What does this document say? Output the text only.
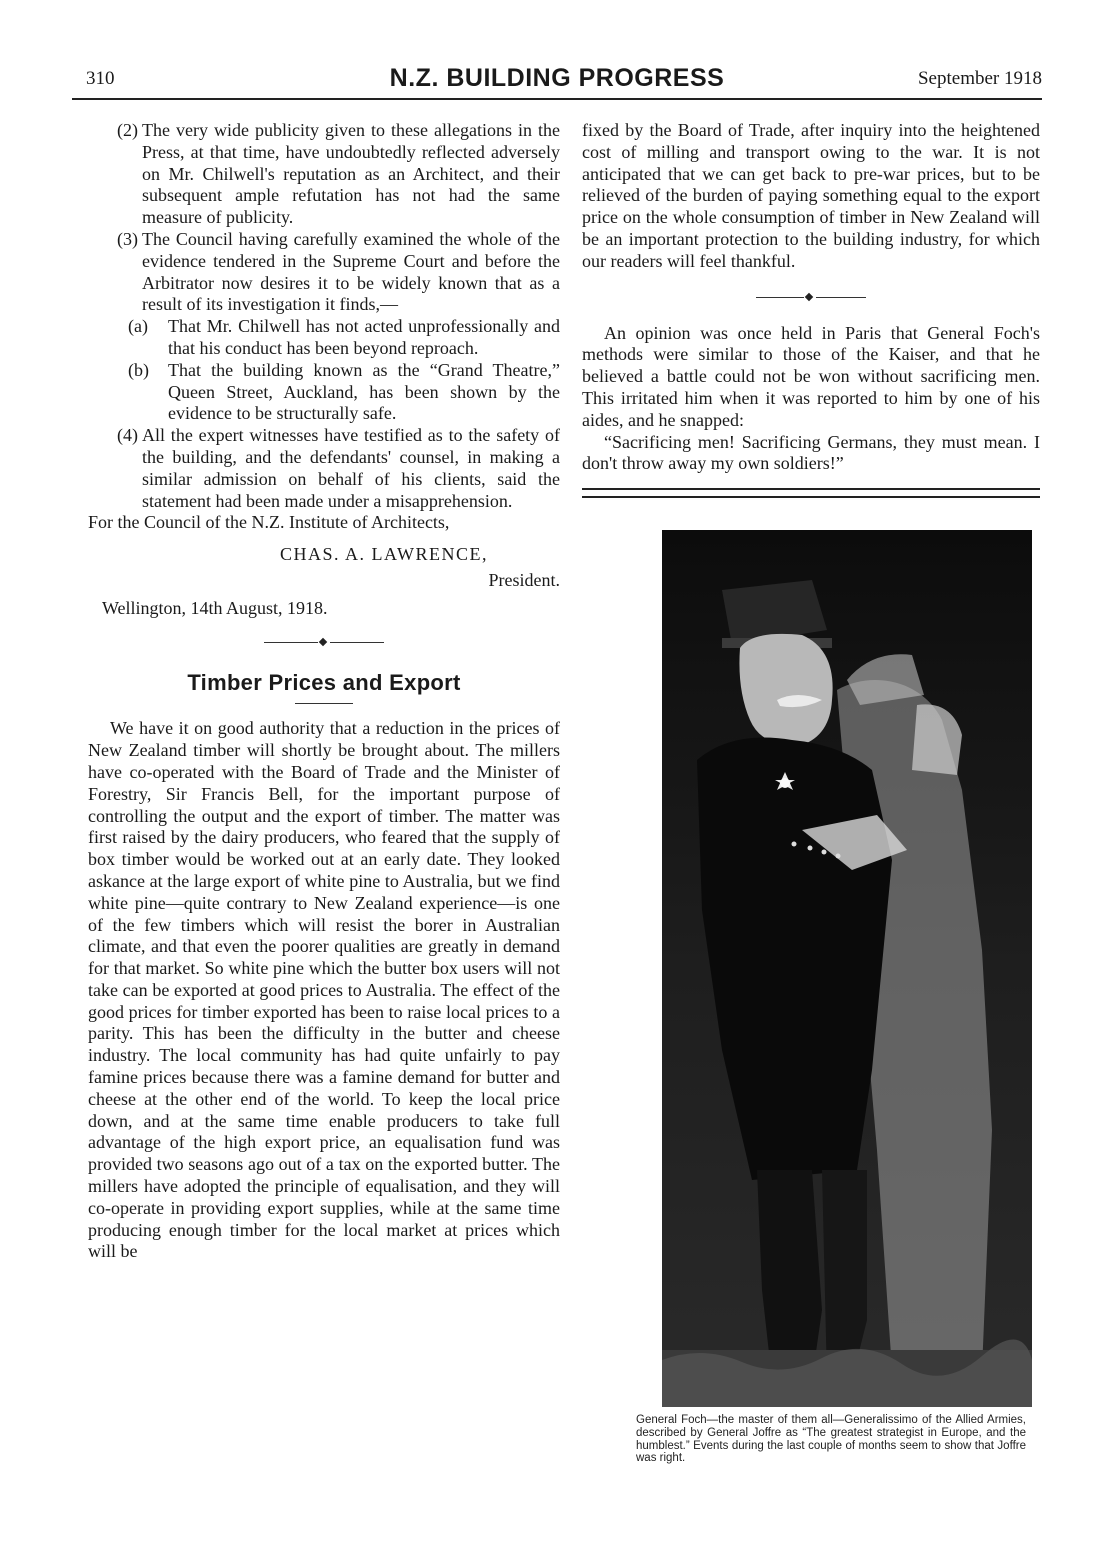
310	N.Z. BUILDING PROGRESS	September 1918
(2) The very wide publicity given to these allegations in the Press, at that time, have undoubtedly reflected adversely on Mr. Chilwell's reputation as an Architect, and their subsequent ample refutation has not had the same measure of publicity.
(3) The Council having carefully examined the whole of the evidence tendered in the Supreme Court and before the Arbitrator now desires it to be widely known that as a result of its investigation it finds,—
(a)	That Mr. Chilwell has not acted unprofessionally and that his conduct has been beyond reproach.
(b)	That the building known as the “Grand Theatre,” Queen Street, Auckland, has been shown by the evidence to be structurally safe.
(4) All the expert witnesses have testified as to the safety of the building, and the defendants' counsel, in making a similar admission on behalf of his clients, said the statement had been made under a misapprehension.

For the Council of the N.Z. Institute of Architects,

CHAS. A. LAWRENCE,
President.
Wellington, 14th August, 1918.
Timber Prices and Export

We have it on good authority that a reduction in the prices of New Zealand timber will shortly be brought about. The millers have co-operated with the Board of Trade and the Minister of Forestry, Sir Francis Bell, for the important purpose of controlling the output and the export of timber. The matter was first raised by the dairy producers, who feared that the supply of box timber would be worked out at an early date. They looked askance at the large export of white pine to Australia, but we find white pine—quite contrary to New Zealand experience—is one of the few timbers which will resist the borer in Australian climate, and that even the poorer qualities are greatly in demand for that market. So white pine which the butter box users will not take can be exported at good prices to Australia. The effect of the good prices for timber exported has been to raise local prices to a parity. This has been the difficulty in the butter and cheese industry. The local community has had quite unfairly to pay famine prices because there was a famine demand for butter and cheese at the other end of the world. To keep the local price down, and at the same time enable producers to take full advantage of the high export price, an equalisation fund was provided two seasons ago out of a tax on the exported butter. The millers have adopted the principle of equalisation, and they will co-operate in providing export supplies, while at the same time producing enough timber for the local market at prices which will be

fixed by the Board of Trade, after inquiry into the heightened cost of milling and transport owing to the war. It is not anticipated that we can get back to pre-war prices, but to be relieved of the burden of paying something equal to the export price on the whole consumption of timber in New Zealand will be an important protection to the building industry, for which our readers will feel thankful.

An opinion was once held in Paris that General Foch's methods were similar to those of the Kaiser, and that he believed a battle could not be won without sacrificing men. This irritated him when it was reported to him by one of his aides, and he snapped:

“Sacrificing men! Sacrificing Germans, they must mean. I don't throw away my own soldiers!”

General Foch—the master of them all—Generalissimo of the Allied Armies, described by General Joffre as “The greatest strategist in Europe, and the humblest.” Events during the last couple of months seem to show that Joffre was right.
